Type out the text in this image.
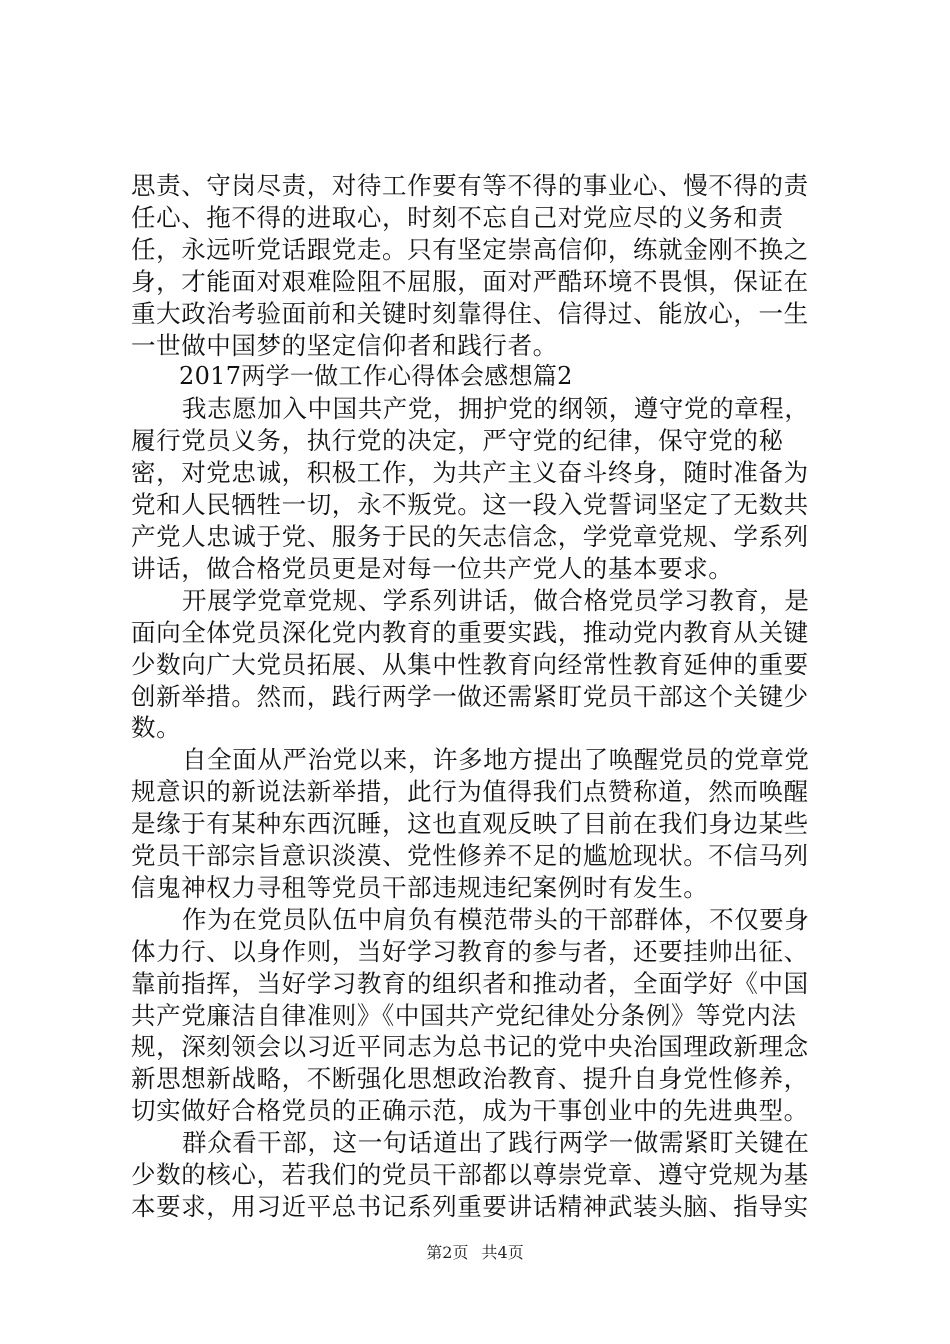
思责、守岗尽责，对待工作要有等不得的事业心、慢不得的责任心、拖不得的进取心，时刻不忘自己对党应尽的义务和责任，永远听党话跟党走。只有坚定崇高信仰，练就金刚不换之身，才能面对艰难险阻不屈服，面对严酷环境不畏惧，保证在重大政治考验面前和关键时刻靠得住、信得过、能放心，一生一世做中国梦的坚定信仰者和践行者。

2017两学一做工作心得体会感想篇2

我志愿加入中国共产党，拥护党的纲领，遵守党的章程，履行党员义务，执行党的决定，严守党的纪律，保守党的秘密，对党忠诚，积极工作，为共产主义奋斗终身，随时准备为党和人民牺牲一切，永不叛党。这一段入党誓词坚定了无数共产党人忠诚于党、服务于民的矢志信念，学党章党规、学系列讲话，做合格党员更是对每一位共产党人的基本要求。

开展学党章党规、学系列讲话，做合格党员学习教育，是面向全体党员深化党内教育的重要实践，推动党内教育从关键少数向广大党员拓展、从集中性教育向经常性教育延伸的重要创新举措。然而，践行两学一做还需紧盯党员干部这个关键少数。

自全面从严治党以来，许多地方提出了唤醒党员的党章党规意识的新说法新举措，此行为值得我们点赞称道，然而唤醒是缘于有某种东西沉睡，这也直观反映了目前在我们身边某些党员干部宗旨意识淡漠、党性修养不足的尴尬现状。不信马列信鬼神权力寻租等党员干部违规违纪案例时有发生。

作为在党员队伍中肩负有模范带头的干部群体，不仅要身体力行、以身作则，当好学习教育的参与者，还要挂帅出征、靠前指挥，当好学习教育的组织者和推动者，全面学好《中国共产党廉洁自律准则》《中国共产党纪律处分条例》等党内法规，深刻领会以习近平同志为总书记的党中央治国理政新理念新思想新战略，不断强化思想政治教育、提升自身党性修养，切实做好合格党员的正确示范，成为干事创业中的先进典型。

群众看干部，这一句话道出了践行两学一做需紧盯关键在少数的核心，若我们的党员干部都以尊崇党章、遵守党规为基本要求，用习近平总书记系列重要讲话精神武装头脑、指导实

第2页 共4页
